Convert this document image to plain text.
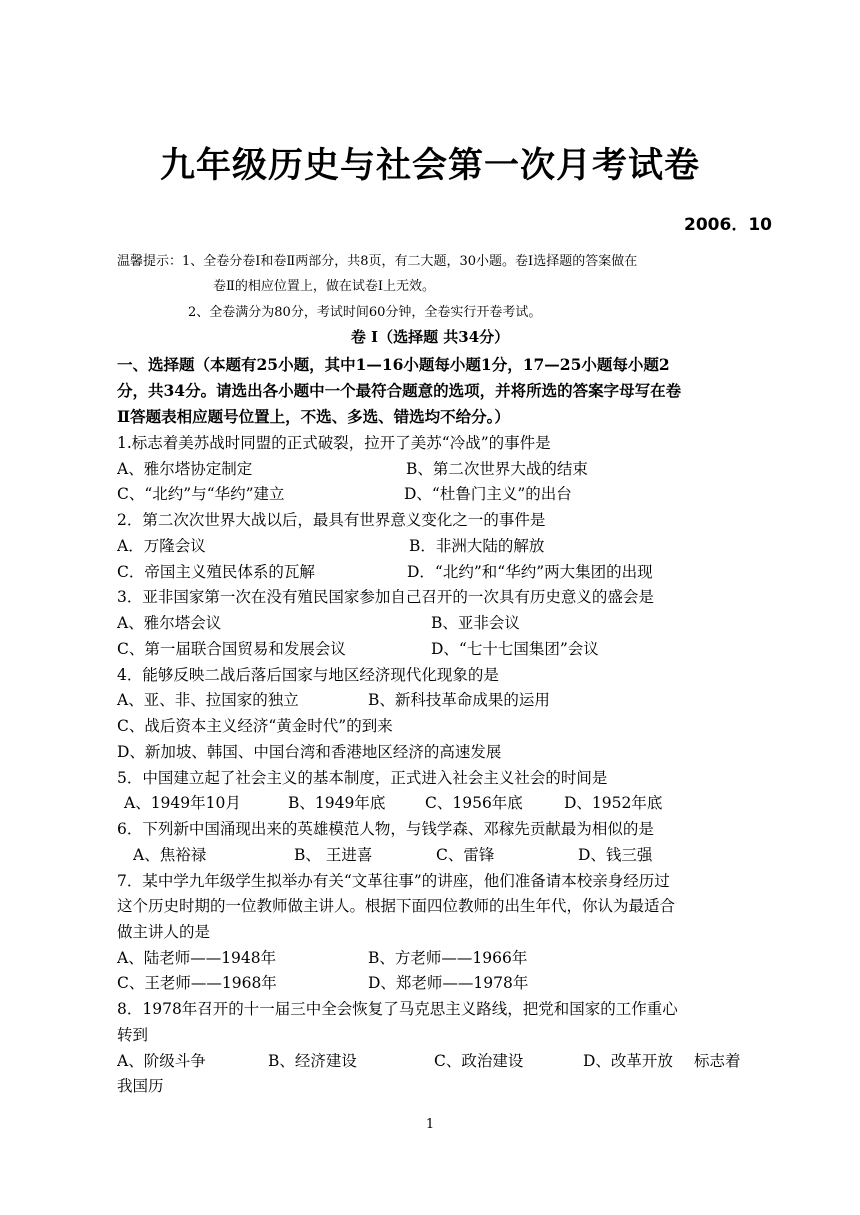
九年级历史与社会第一次月考试卷
2006．10
温馨提示：1、全卷分卷Ⅰ和卷Ⅱ两部分，共8页，有二大题，30小题。卷Ⅰ选择题的答案做在
卷Ⅱ的相应位置上，做在试卷Ⅰ上无效。
2、全卷满分为80分，考试时间60分钟，全卷实行开卷考试。
卷 Ⅰ（选择题 共34分）
一、选择题（本题有25小题，其中1—16小题每小题1分，17—25小题每小题2
分，共34分。请选出各小题中一个最符合题意的选项，并将所选的答案字母写在卷
Ⅱ答题表相应题号位置上，不选、多选、错选均不给分。）
1.标志着美苏战时同盟的正式破裂，拉开了美苏“冷战”的事件是
A、雅尔塔协定制定	B、第二次世界大战的结束
C、“北约”与“华约”建立	D、“杜鲁门主义”的出台
2．第二次次世界大战以后，最具有世界意义变化之一的事件是
A．万隆会议	B．非洲大陆的解放
C．帝国主义殖民体系的瓦解	D．“北约”和“华约”两大集团的出现
3．亚非国家第一次在没有殖民国家参加自己召开的一次具有历史意义的盛会是
A、雅尔塔会议	B、亚非会议
C、第一届联合国贸易和发展会议	D、“七十七国集团”会议
4．能够反映二战后落后国家与地区经济现代化现象的是
A、亚、非、拉国家的独立	B、新科技革命成果的运用
C、战后资本主义经济“黄金时代”的到来
D、新加坡、韩国、中国台湾和香港地区经济的高速发展
5．中国建立起了社会主义的基本制度，正式进入社会主义社会的时间是
A、1949年10月	B、1949年底	C、1956年底	D、1952年底
6．下列新中国涌现出来的英雄模范人物，与钱学森、邓稼先贡献最为相似的是
A、焦裕禄	B、 王进喜	C、雷锋	D、钱三强
7．某中学九年级学生拟举办有关“文革往事”的讲座，他们准备请本校亲身经历过
这个历史时期的一位教师做主讲人。根据下面四位教师的出生年代，你认为最适合
做主讲人的是
A、陆老师——1948年	B、方老师——1966年
C、王老师——1968年	D、郑老师——1978年
8．1978年召开的十一届三中全会恢复了马克思主义路线，把党和国家的工作重心
转到
A、阶级斗争	B、经济建设	C、政治建设	D、改革开放 标志着
我国历
1
